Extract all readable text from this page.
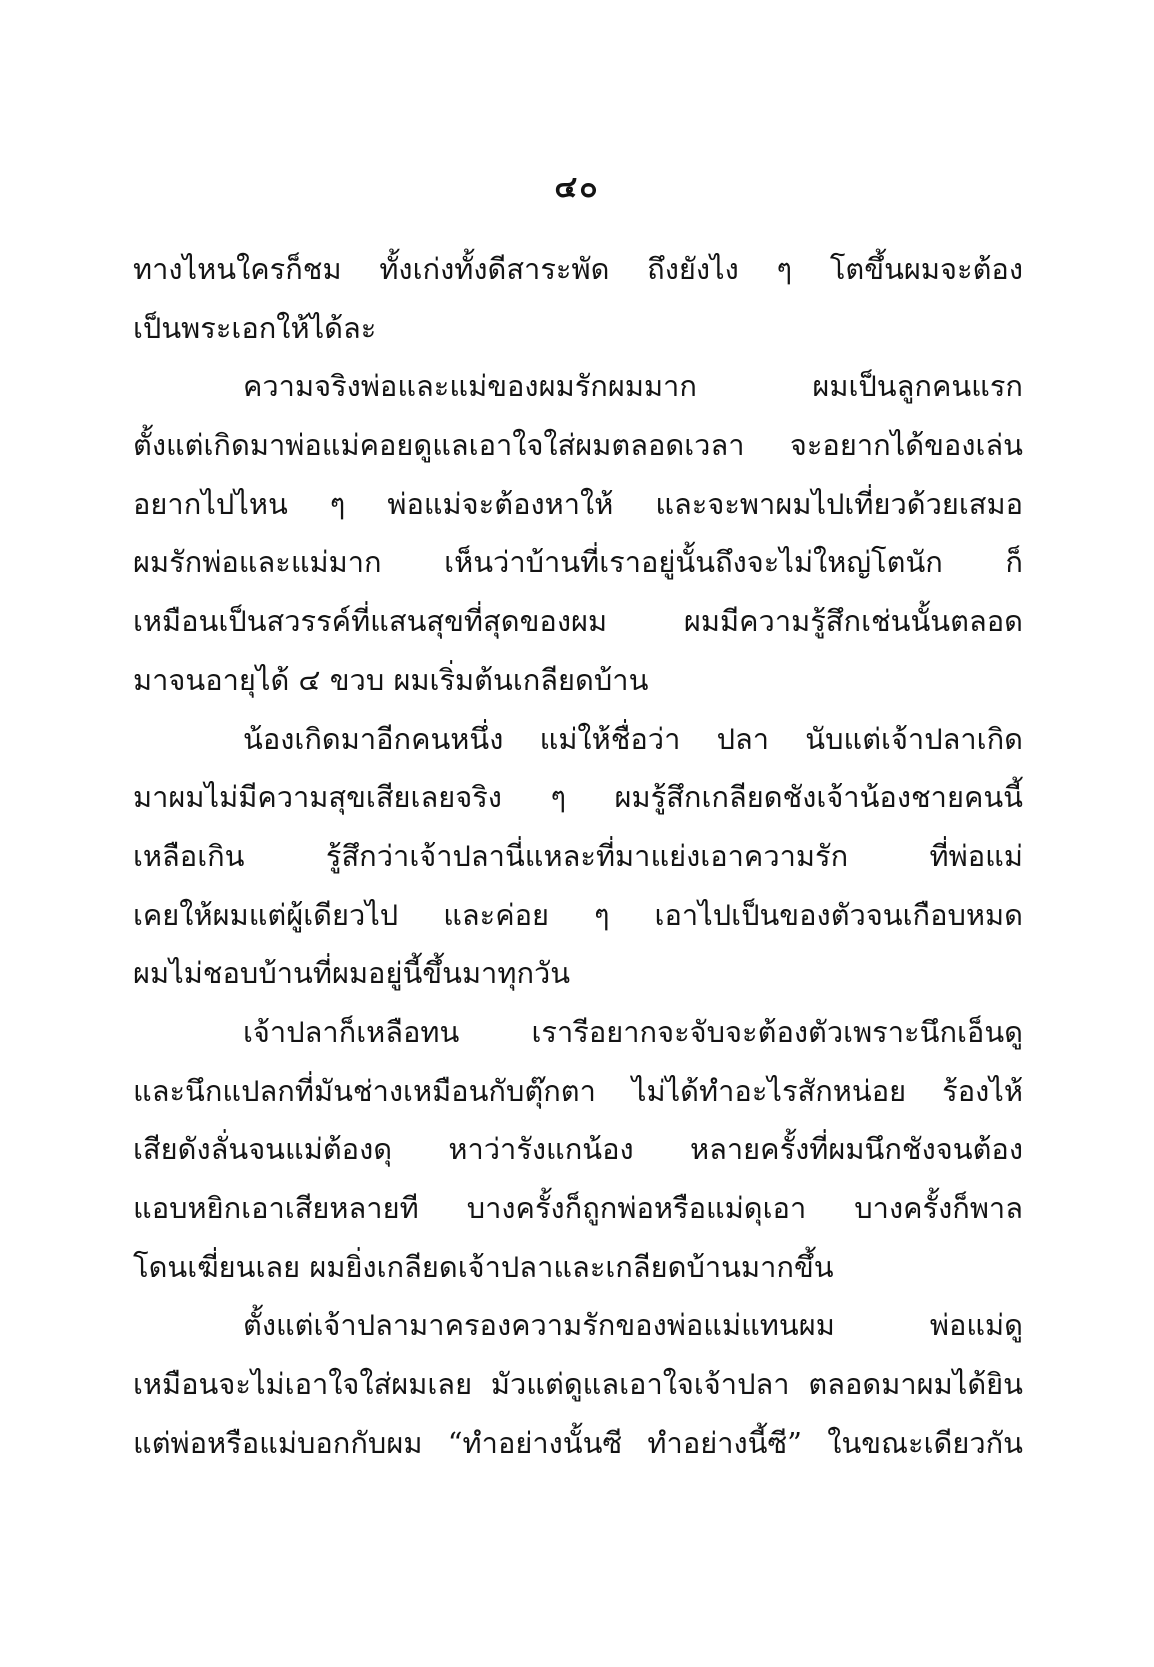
๔๐
ทางไหนใครก็ชม ทั้งเก่งทั้งดีสาระพัด ถึงยังไง ๆ โตขึ้นผมจะต้อง
เป็นพระเอกให้ได้ละ
ความจริงพ่อและแม่ของผมรักผมมาก ผมเป็นลูกคนแรก
ตั้งแต่เกิดมาพ่อแม่คอยดูแลเอาใจใส่ผมตลอดเวลา จะอยากได้ของเล่น
อยากไปไหน ๆ พ่อแม่จะต้องหาให้ และจะพาผมไปเที่ยวด้วยเสมอ
ผมรักพ่อและแม่มาก เห็นว่าบ้านที่เราอยู่นั้นถึงจะไม่ใหญ่โตนัก ก็
เหมือนเป็นสวรรค์ที่แสนสุขที่สุดของผม ผมมีความรู้สึกเช่นนั้นตลอด
มาจนอายุได้ ๔ ขวบ ผมเริ่มต้นเกลียดบ้าน
น้องเกิดมาอีกคนหนึ่ง แม่ให้ชื่อว่า ปลา นับแต่เจ้าปลาเกิด
มาผมไม่มีความสุขเสียเลยจริง ๆ ผมรู้สึกเกลียดชังเจ้าน้องชายคนนี้
เหลือเกิน รู้สึกว่าเจ้าปลานี่แหละที่มาแย่งเอาความรัก ที่พ่อแม่
เคยให้ผมแต่ผู้เดียวไป และค่อย ๆ เอาไปเป็นของตัวจนเกือบหมด
ผมไม่ชอบบ้านที่ผมอยู่นี้ขึ้นมาทุกวัน
เจ้าปลาก็เหลือทน เรารีอยากจะจับจะต้องตัวเพราะนึกเอ็นดู
และนึกแปลกที่มันช่างเหมือนกับตุ๊กตา ไม่ได้ทำอะไรสักหน่อย ร้องไห้
เสียดังลั่นจนแม่ต้องดุ หาว่ารังแกน้อง หลายครั้งที่ผมนึกชังจนต้อง
แอบหยิกเอาเสียหลายที บางครั้งก็ถูกพ่อหรือแม่ดุเอา บางครั้งก็พาล
โดนเฆี่ยนเลย ผมยิ่งเกลียดเจ้าปลาและเกลียดบ้านมากขึ้น
ตั้งแต่เจ้าปลามาครองความรักของพ่อแม่แทนผม พ่อแม่ดู
เหมือนจะไม่เอาใจใส่ผมเลย มัวแต่ดูแลเอาใจเจ้าปลา ตลอดมาผมได้ยิน
แต่พ่อหรือแม่บอกกับผม “ทำอย่างนั้นซี ทำอย่างนี้ซี” ในขณะเดียวกัน
